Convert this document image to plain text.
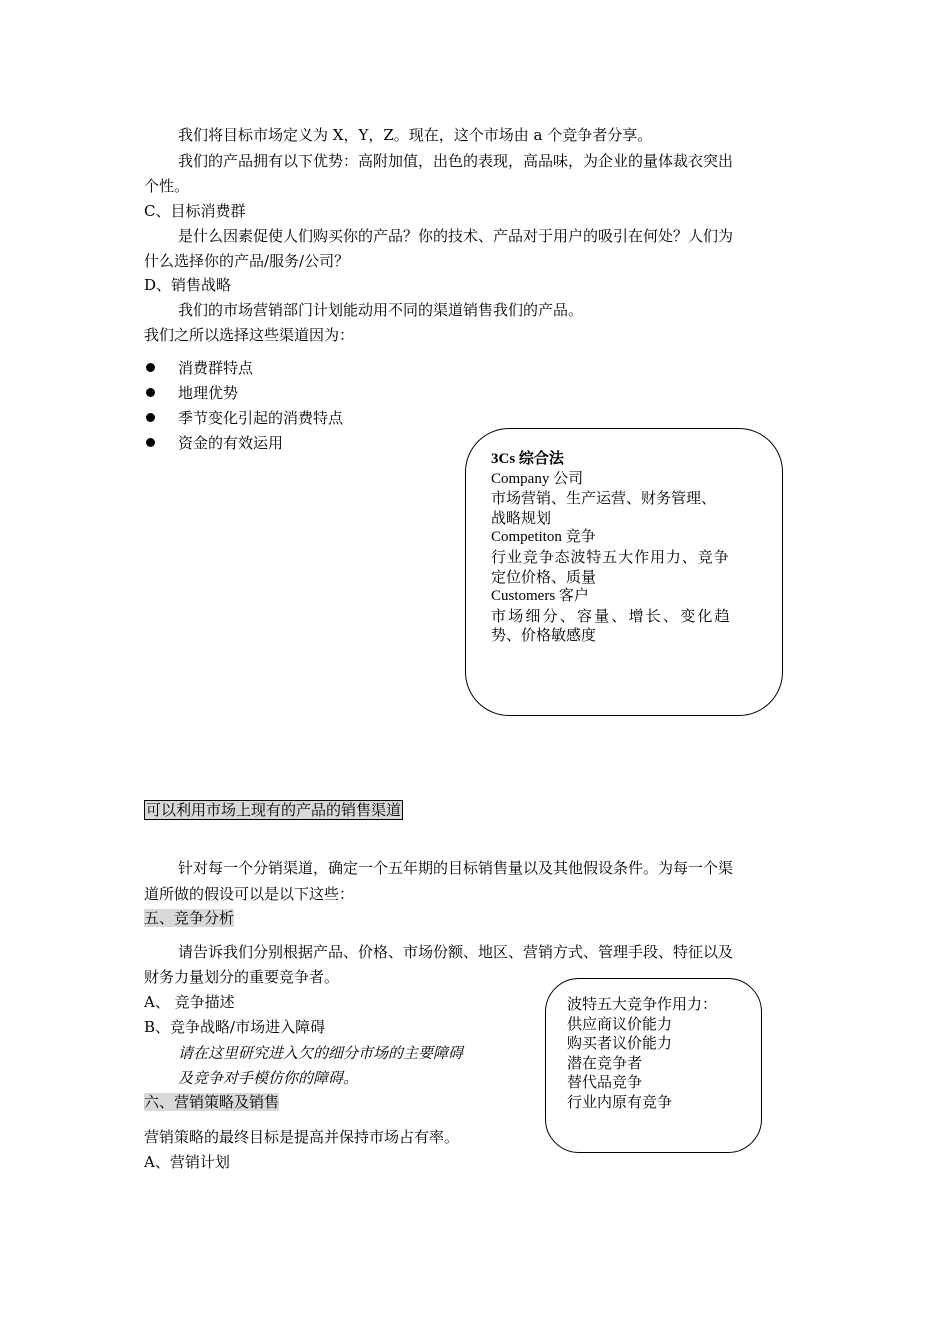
我们将目标市场定义为 X，Y，Z。现在，这个市场由 a 个竞争者分享。
我们的产品拥有以下优势：高附加值，出色的表现，高品味，为企业的量体裁衣突出
个性。
C、目标消费群
是什么因素促使人们购买你的产品？你的技术、产品对于用户的吸引在何处？人们为
什么选择你的产品/服务/公司？
D、销售战略
我们的市场营销部门计划能动用不同的渠道销售我们的产品。
我们之所以选择这些渠道因为：
消费群特点
地理优势
季节变化引起的消费特点
资金的有效运用
3Cs 综合法
Company 公司
市场营销、生产运营、财务管理、
战略规划
Competiton 竞争
行业竞争态波特五大作用力、竞争
定位价格、质量
Customers 客户
市场细分、容量、增长、变化趋
势、价格敏感度
可以利用市场上现有的产品的销售渠道
针对每一个分销渠道，确定一个五年期的目标销售量以及其他假设条件。为每一个渠
道所做的假设可以是以下这些：
五、竞争分析
请告诉我们分别根据产品、价格、市场份额、地区、营销方式、管理手段、特征以及
财务力量划分的重要竞争者。
A、 竞争描述
B、竞争战略/市场进入障碍
请在这里研究进入欠的细分市场的主要障碍
及竞争对手模仿你的障碍。
波特五大竞争作用力：
供应商议价能力
购买者议价能力
潜在竞争者
替代品竞争
行业内原有竞争
六、营销策略及销售
营销策略的最终目标是提高并保持市场占有率。
A、营销计划
